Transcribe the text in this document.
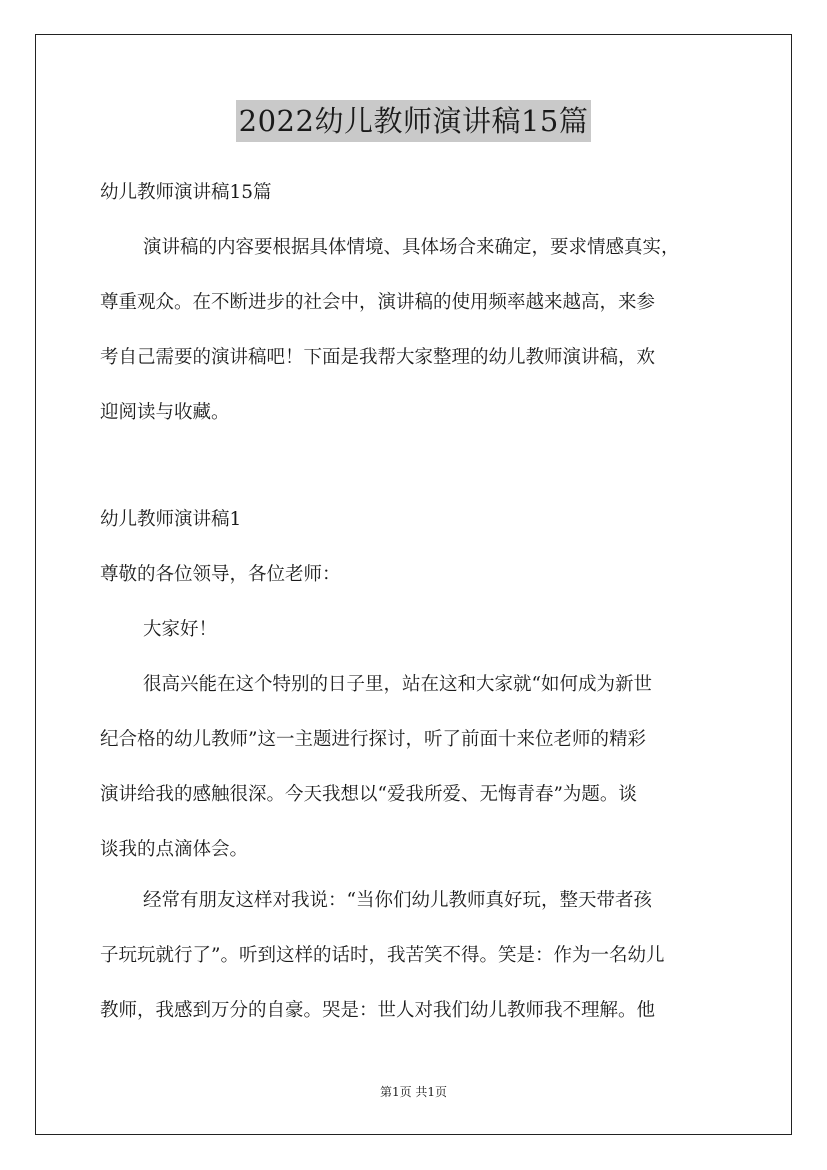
2022幼儿教师演讲稿15篇
幼儿教师演讲稿15篇
演讲稿的内容要根据具体情境、具体场合来确定，要求情感真实，
尊重观众。在不断进步的社会中，演讲稿的使用频率越来越高，来参
考自己需要的演讲稿吧！下面是我帮大家整理的幼儿教师演讲稿，欢
迎阅读与收藏。
幼儿教师演讲稿1
尊敬的各位领导，各位老师：
大家好！
很高兴能在这个特别的日子里，站在这和大家就“如何成为新世
纪合格的幼儿教师”这一主题进行探讨，听了前面十来位老师的精彩
演讲给我的感触很深。今天我想以“爱我所爱、无悔青春”为题。谈
谈我的点滴体会。
经常有朋友这样对我说：“当你们幼儿教师真好玩，整天带者孩
子玩玩就行了”。听到这样的话时，我苦笑不得。笑是：作为一名幼儿
教师，我感到万分的自豪。哭是：世人对我们幼儿教师我不理解。他
第1页 共1页
